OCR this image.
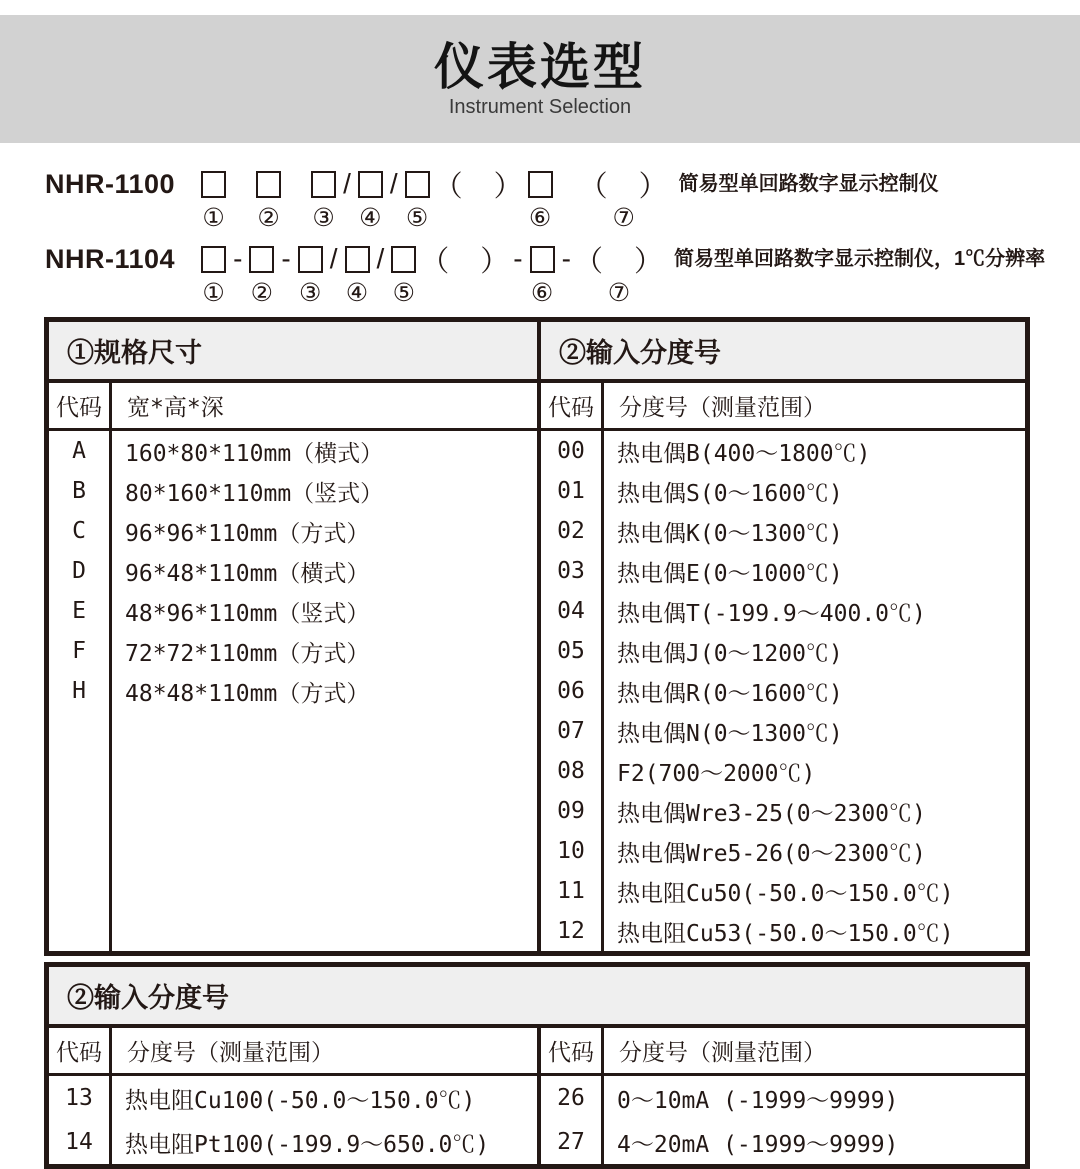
仪表选型
Instrument Selection
NHR-1100
①
②
③
/

④
/

⑤
（　）

⑥

（　）
⑦
简易型单回路数字显示控制仪
NHR-1104
①
-

②
-

③
/

④
/

⑤
（　）
-

⑥
-
（　）
⑦
简易型单回路数字显示控制仪，1℃分辨率
①规格尺寸	②输入分度号
代码	宽*高*深	代码	分度号（测量范围）
A	160*80*110mm（横式）
B	80*160*110mm（竖式）
C	96*96*110mm（方式）
D	96*48*110mm（横式）
E	48*96*110mm（竖式）
F	72*72*110mm（方式）
H	48*48*110mm（方式）
00	热电偶B(400～1800℃)
01	热电偶S(0～1600℃)
02	热电偶K(0～1300℃)
03	热电偶E(0～1000℃)
04	热电偶T(-199.9～400.0℃)
05	热电偶J(0～1200℃)
06	热电偶R(0～1600℃)
07	热电偶N(0～1300℃)
08	F2(700～2000℃)
09	热电偶Wre3-25(0～2300℃)
10	热电偶Wre5-26(0～2300℃)
11	热电阻Cu50(-50.0～150.0℃)
12	热电阻Cu53(-50.0～150.0℃)
②输入分度号
代码	分度号（测量范围）	代码	分度号（测量范围）
13	热电阻Cu100(-50.0～150.0℃)
14	热电阻Pt100(-199.9～650.0℃)
26	0～10mA (-1999～9999)
27	4～20mA (-1999～9999)
